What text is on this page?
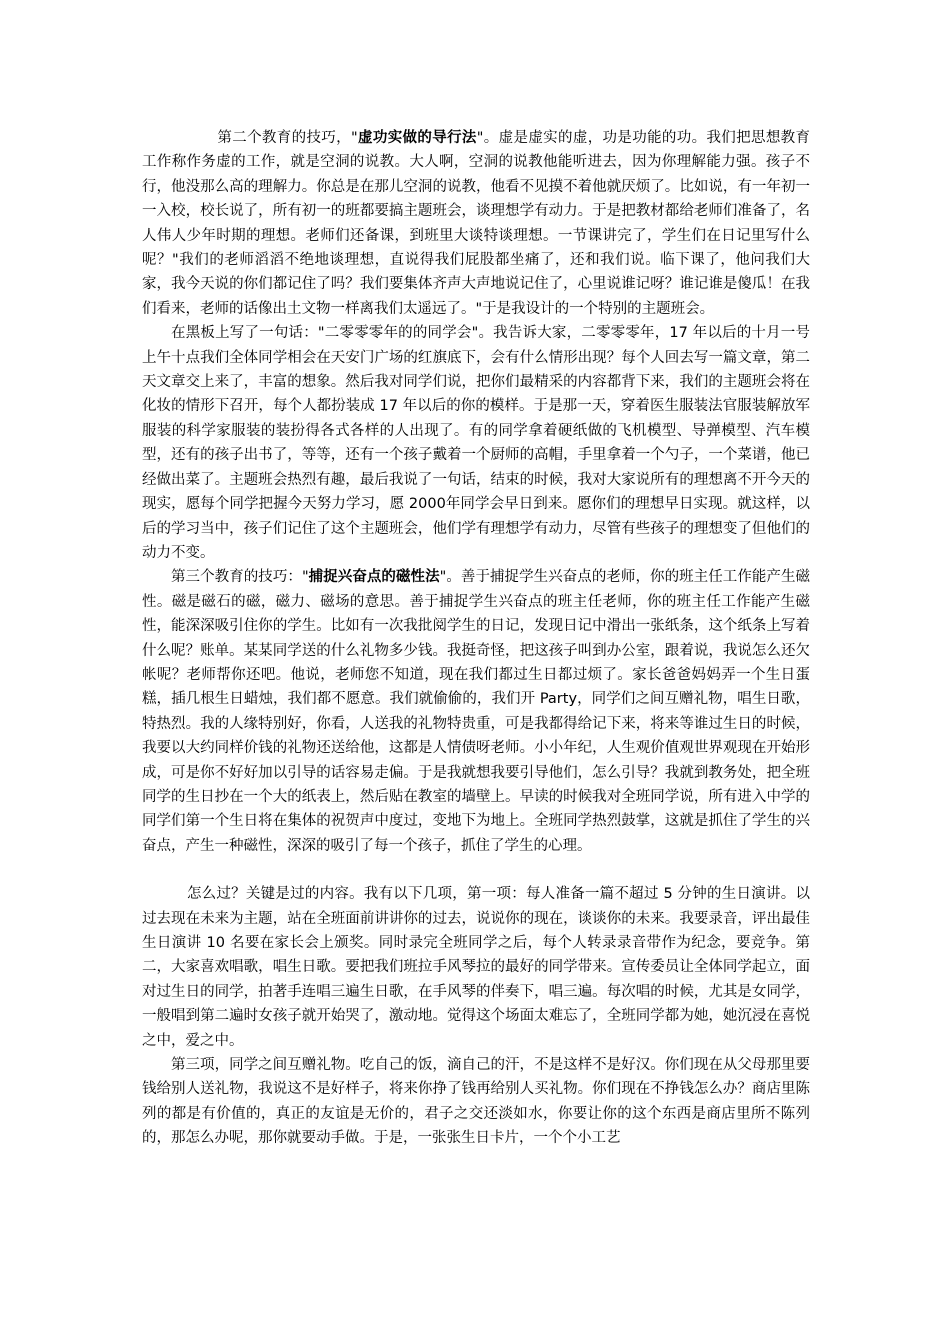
第二个教育的技巧，"虚功实做的导行法"。虚是虚实的虚，功是功能的功。我们把思想教育工作称作务虚的工作，就是空洞的说教。大人啊，空洞的说教他能听进去，因为你理解能力强。孩子不行，他没那么高的理解力。你总是在那儿空洞的说教，他看不见摸不着他就厌烦了。比如说，有一年初一一入校，校长说了，所有初一的班都要搞主题班会，谈理想学有动力。于是把教材都给老师们准备了，名人伟人少年时期的理想。老师们还备课，到班里大谈特谈理想。一节课讲完了，学生们在日记里写什么呢？"我们的老师滔滔不绝地谈理想，直说得我们屁股都坐痛了，还和我们说。临下课了，他问我们大家，我今天说的你们都记住了吗？我们要集体齐声大声地说记住了，心里说谁记呀？谁记谁是傻瓜！在我们看来，老师的话像出土文物一样离我们太遥远了。"于是我设计的一个特别的主题班会。

在黑板上写了一句话："二零零零年的的同学会"。我告诉大家，二零零零年，17 年以后的十月一号上午十点我们全体同学相会在天安门广场的红旗底下，会有什么情形出现？每个人回去写一篇文章，第二天文章交上来了，丰富的想象。然后我对同学们说，把你们最精采的内容都背下来，我们的主题班会将在化妆的情形下召开，每个人都扮装成 17 年以后的你的模样。于是那一天，穿着医生服装法官服装解放军服装的科学家服装的装扮得各式各样的人出现了。有的同学拿着硬纸做的飞机模型、导弹模型、汽车模型，还有的孩子出书了，等等，还有一个孩子戴着一个厨师的高帽，手里拿着一个勺子，一个菜谱，他已经做出菜了。主题班会热烈有趣，最后我说了一句话，结束的时候，我对大家说所有的理想离不开今天的现实，愿每个同学把握今天努力学习，愿 2000年同学会早日到来。愿你们的理想早日实现。就这样，以后的学习当中，孩子们记住了这个主题班会，他们学有理想学有动力，尽管有些孩子的理想变了但他们的动力不变。

第三个教育的技巧："捕捉兴奋点的磁性法"。善于捕捉学生兴奋点的老师，你的班主任工作能产生磁性。磁是磁石的磁，磁力、磁场的意思。善于捕捉学生兴奋点的班主任老师，你的班主任工作能产生磁性，能深深吸引住你的学生。比如有一次我批阅学生的日记，发现日记中滑出一张纸条，这个纸条上写着什么呢？账单。某某同学送的什么礼物多少钱。我挺奇怪，把这孩子叫到办公室，跟着说，我说怎么还欠帐呢？老师帮你还吧。他说，老师您不知道，现在我们都过生日都过烦了。家长爸爸妈妈弄一个生日蛋糕，插几根生日蜡烛，我们都不愿意。我们就偷偷的，我们开 Party，同学们之间互赠礼物，唱生日歌，特热烈。我的人缘特别好，你看，人送我的礼物特贵重，可是我都得给记下来，将来等谁过生日的时候，我要以大约同样价钱的礼物还送给他，这都是人情债呀老师。小小年纪，人生观价值观世界观现在开始形成，可是你不好好加以引导的话容易走偏。于是我就想我要引导他们，怎么引导？我就到教务处，把全班同学的生日抄在一个大的纸表上，然后贴在教室的墙壁上。早读的时候我对全班同学说，所有进入中学的同学们第一个生日将在集体的祝贺声中度过，变地下为地上。全班同学热烈鼓掌，这就是抓住了学生的兴奋点，产生一种磁性，深深的吸引了每一个孩子，抓住了学生的心理。

怎么过？关键是过的内容。我有以下几项，第一项：每人准备一篇不超过 5 分钟的生日演讲。以过去现在未来为主题，站在全班面前讲讲你的过去，说说你的现在，谈谈你的未来。我要录音，评出最佳生日演讲 10 名要在家长会上颁奖。同时录完全班同学之后，每个人转录录音带作为纪念，要竞争。第二，大家喜欢唱歌，唱生日歌。要把我们班拉手风琴拉的最好的同学带来。宣传委员让全体同学起立，面对过生日的同学，拍著手连唱三遍生日歌，在手风琴的伴奏下，唱三遍。每次唱的时候，尤其是女同学，一般唱到第二遍时女孩子就开始哭了，激动地。觉得这个场面太难忘了，全班同学都为她，她沉浸在喜悦之中，爱之中。

第三项，同学之间互赠礼物。吃自己的饭，滴自己的汗，不是这样不是好汉。你们现在从父母那里要钱给别人送礼物，我说这不是好样子，将来你挣了钱再给别人买礼物。你们现在不挣钱怎么办？商店里陈列的都是有价值的，真正的友谊是无价的，君子之交还淡如水，你要让你的这个东西是商店里所不陈列的，那怎么办呢，那你就要动手做。于是，一张张生日卡片，一个个小工艺
